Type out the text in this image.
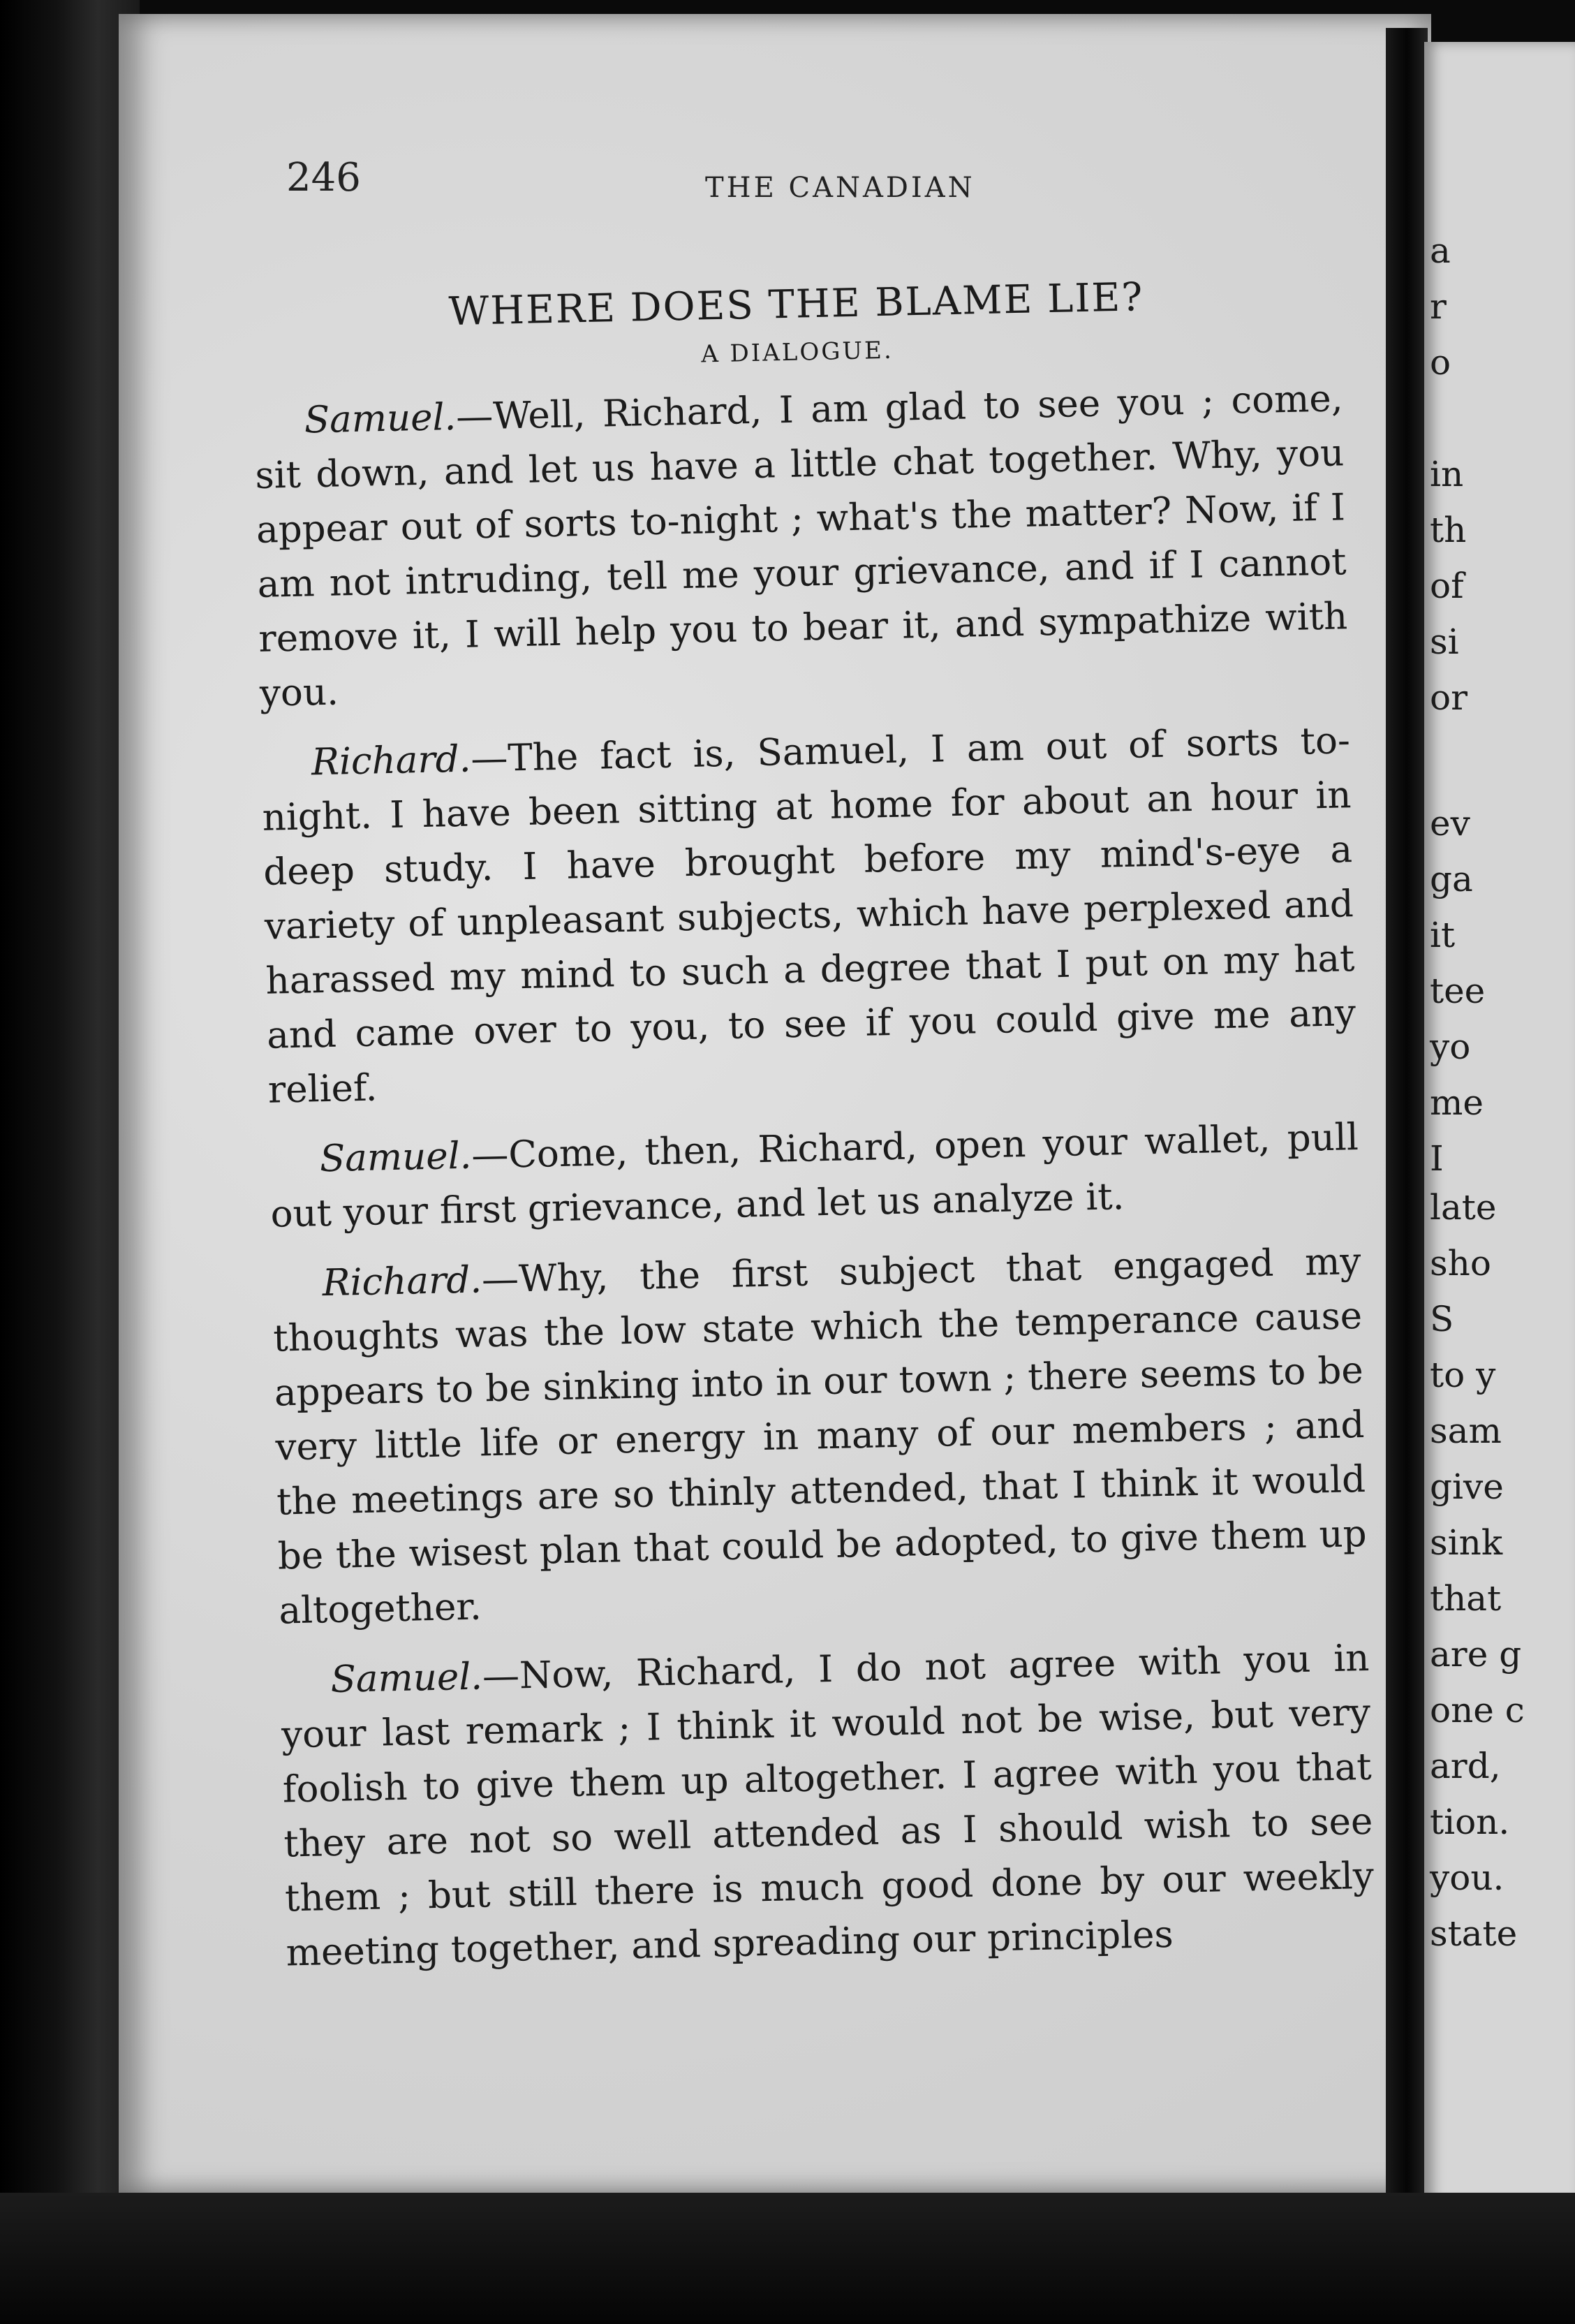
246	THE CANADIAN
WHERE DOES THE BLAME LIE?
A DIALOGUE.

Samuel.—Well, Richard, I am glad to see you ; come, sit down, and let us have a little chat together. Why, you appear out of sorts to-night ; what's the matter? Now, if I am not intruding, tell me your grievance, and if I cannot remove it, I will help you to bear it, and sympathize with you.

Richard.—The fact is, Samuel, I am out of sorts to-night. I have been sitting at home for about an hour in deep study. I have brought before my mind's-eye a variety of unpleasant subjects, which have perplexed and harassed my mind to such a degree that I put on my hat and came over to you, to see if you could give me any relief.

Samuel.—Come, then, Richard, open your wallet, pull out your first grievance, and let us analyze it.

Richard.—Why, the first subject that engaged my thoughts was the low state which the temperance cause appears to be sinking into in our town ; there seems to be very little life or energy in many of our members ; and the meetings are so thinly attended, that I think it would be the wisest plan that could be adopted, to give them up altogether.

Samuel.—Now, Richard, I do not agree with you in your last remark ; I think it would not be wise, but very foolish to give them up altogether. I agree with you that they are not so well attended as I should wish to see them ; but still there is much good done by our weekly meeting together, and spreading our principles

a
r
o
in
th
of
si
or
ev
ga
it
tee
yo
me
I
late
sho
S
to y
sam
give
sink
that
are g
one c
ard,
tion.
you.
state
